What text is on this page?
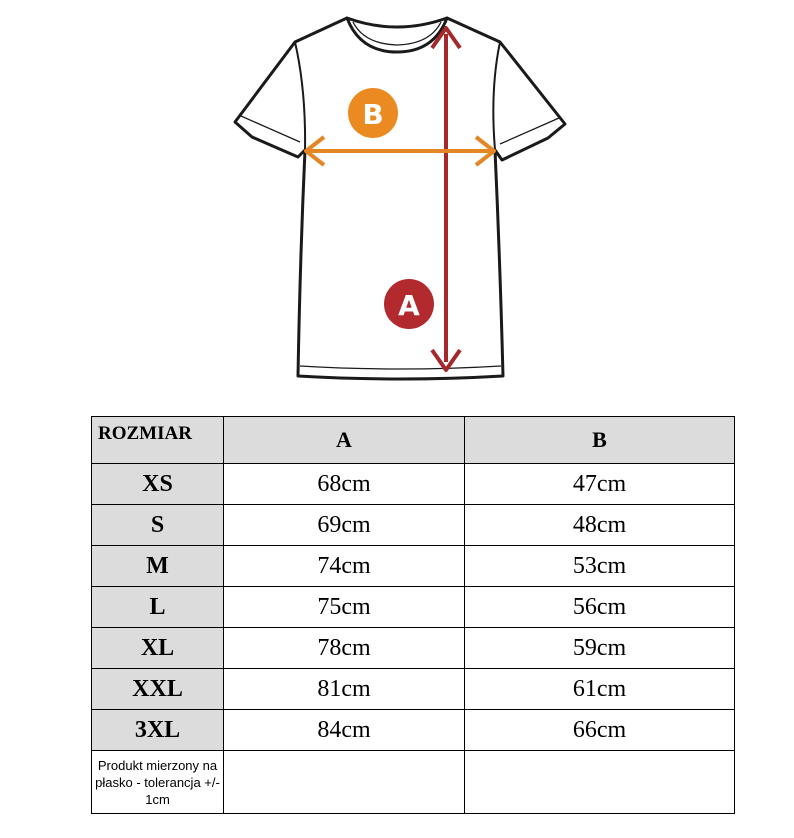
B
A
ROZMIAR	A	B
XS	68cm	47cm
S	69cm	48cm
M	74cm	53cm
L	75cm	56cm
XL	78cm	59cm
XXL	81cm	61cm
3XL	84cm	66cm
Produkt mierzony na płasko - tolerancja +/- 1cm		
